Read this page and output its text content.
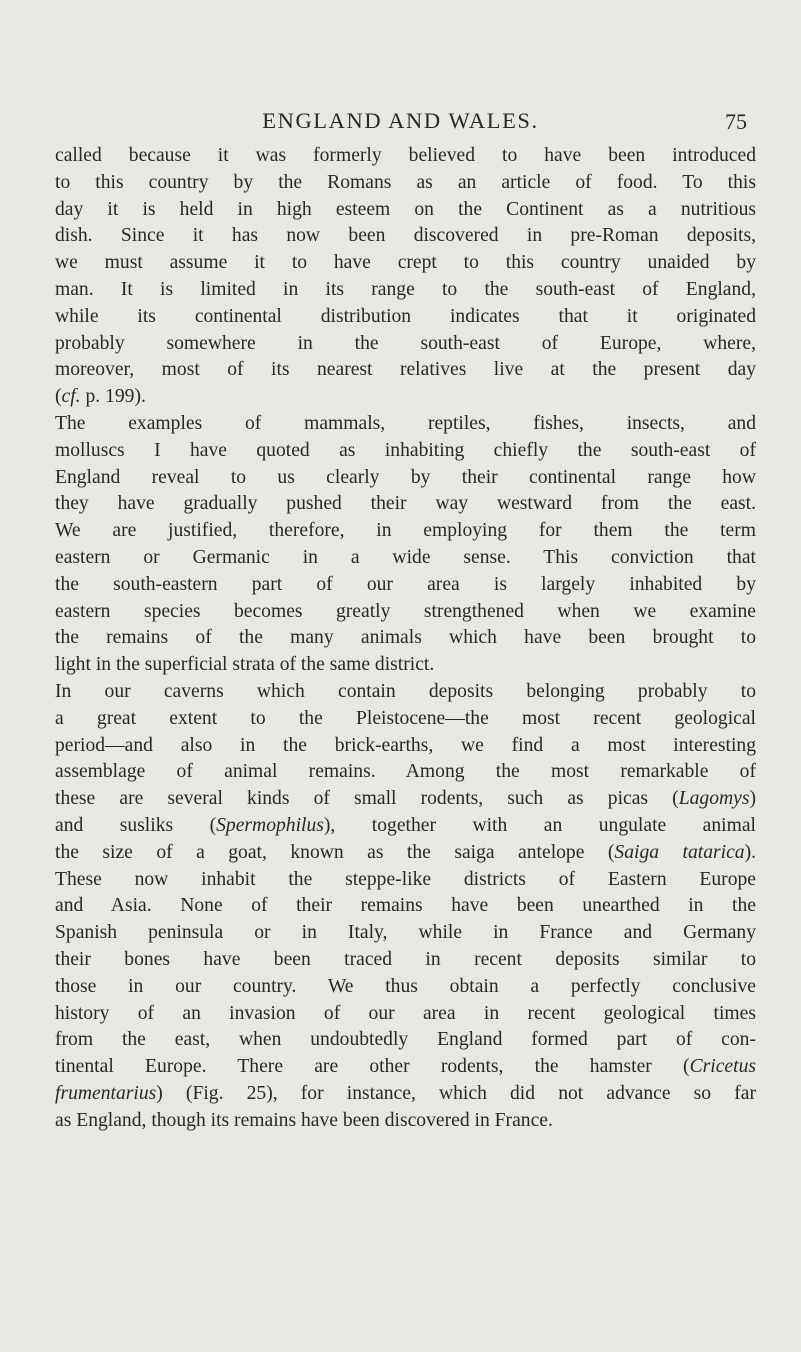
ENGLAND AND WALES.	75
called because it was formerly believed to have been introduced
to this country by the Romans as an article of food. To this
day it is held in high esteem on the Continent as a nutritious
dish. Since it has now been discovered in pre-Roman deposits,
we must assume it to have crept to this country unaided by
man. It is limited in its range to the south-east of England,
while its continental distribution indicates that it originated
probably somewhere in the south-east of Europe, where,
moreover, most of its nearest relatives live at the present day
(cf. p. 199).
The examples of mammals, reptiles, fishes, insects, and
molluscs I have quoted as inhabiting chiefly the south-east of
England reveal to us clearly by their continental range how
they have gradually pushed their way westward from the east.
We are justified, therefore, in employing for them the term
eastern or Germanic in a wide sense. This conviction that
the south-eastern part of our area is largely inhabited by
eastern species becomes greatly strengthened when we examine
the remains of the many animals which have been brought to
light in the superficial strata of the same district.
In our caverns which contain deposits belonging probably to
a great extent to the Pleistocene—the most recent geological
period—and also in the brick-earths, we find a most interesting
assemblage of animal remains. Among the most remarkable of
these are several kinds of small rodents, such as picas (Lagomys)
and susliks (Spermophilus), together with an ungulate animal
the size of a goat, known as the saiga antelope (Saiga tatarica).
These now inhabit the steppe-like districts of Eastern Europe
and Asia. None of their remains have been unearthed in the
Spanish peninsula or in Italy, while in France and Germany
their bones have been traced in recent deposits similar to
those in our country. We thus obtain a perfectly conclusive
history of an invasion of our area in recent geological times
from the east, when undoubtedly England formed part of con-
tinental Europe. There are other rodents, the hamster (Cricetus
frumentarius) (Fig. 25), for instance, which did not advance so far
as England, though its remains have been discovered in France.
